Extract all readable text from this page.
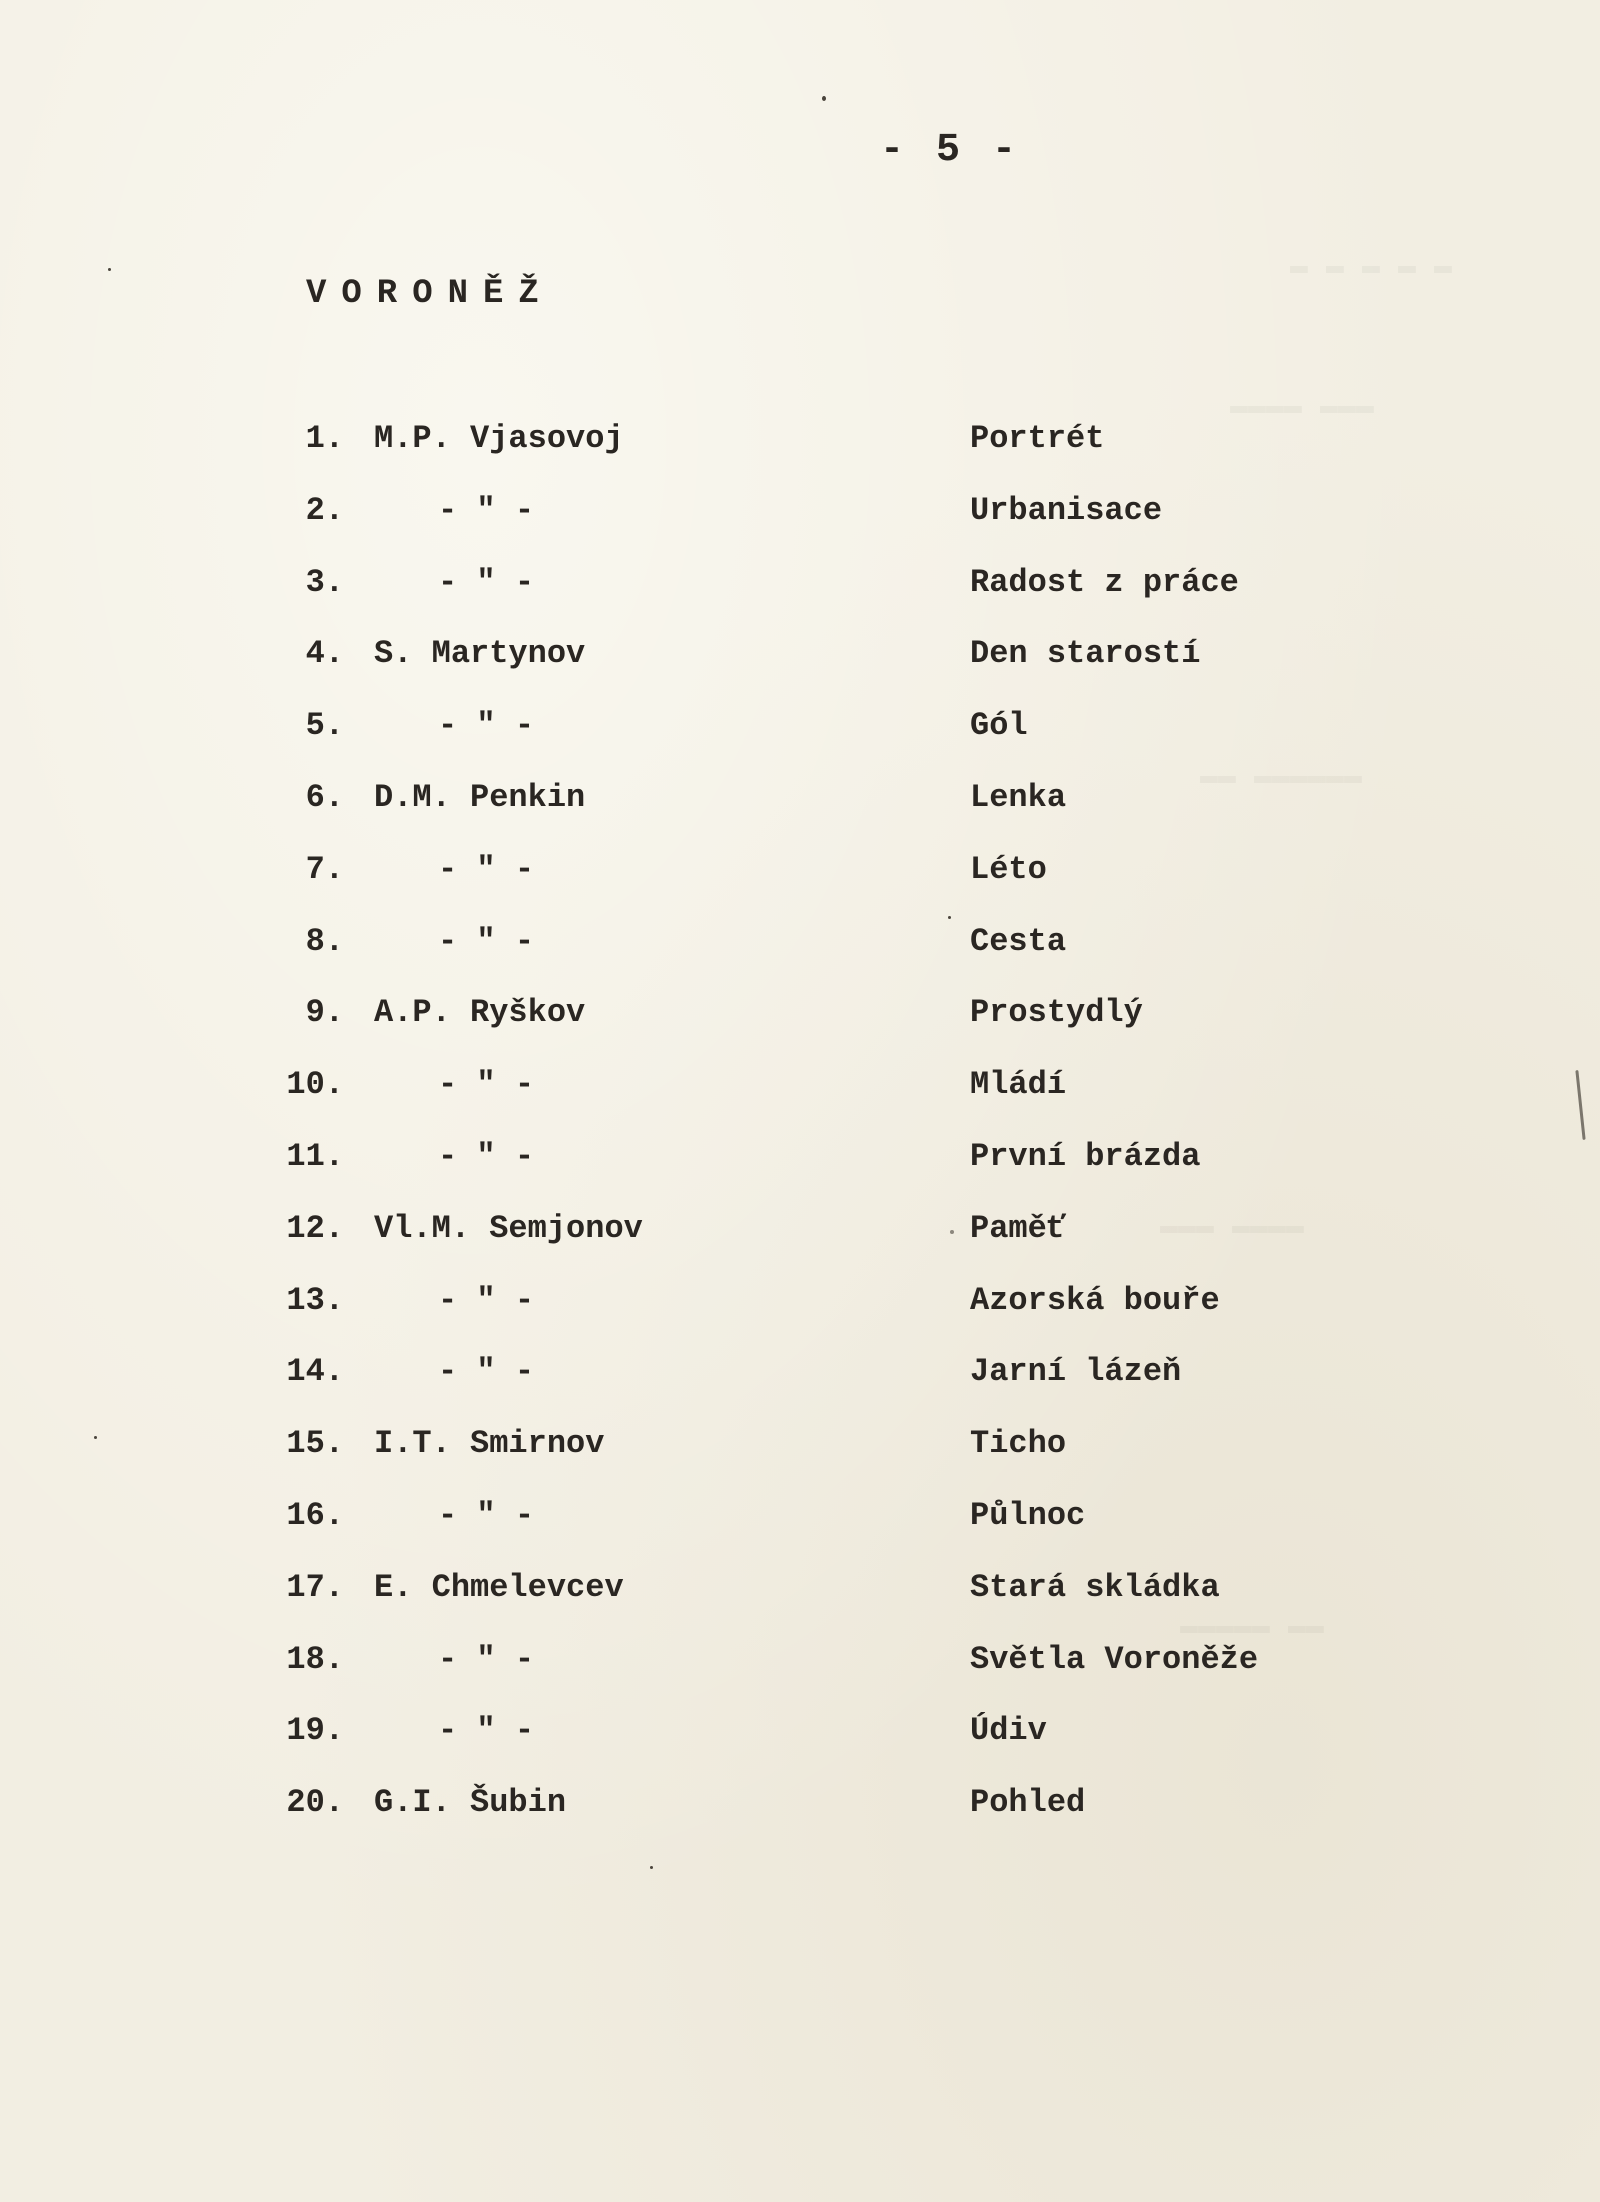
▬ ▬ ▬ ▬ ▬
▬▬▬▬ ▬▬▬
▬▬ ▬▬▬▬▬▬
▬▬▬ ▬▬▬▬
▬▬▬▬▬ ▬▬
- 5 -
VORONĚŽ
1. M.P. Vjasovoj	Portrét
2.	- " -	Urbanisace
3.	- " -	Radost z práce
4. S. Martynov	Den starostí
5.	- " -	Gól
6. D.M. Penkin	Lenka
7.	- " -	Léto
8.	- " -	Cesta
9. A.P. Ryškov	Prostydlý
10.	- " -	Mládí
11.	- " -	První brázda
12. Vl.M. Semjonov	Paměť
13.	- " -	Azorská bouře
14.	- " -	Jarní lázeň
15. I.T. Smirnov	Ticho
16.	- " -	Půlnoc
17. E. Chmelevcev	Stará skládka
18.	- " -	Světla Voroněže
19.	- " -	Údiv
20. G.I. Šubin	Pohled
